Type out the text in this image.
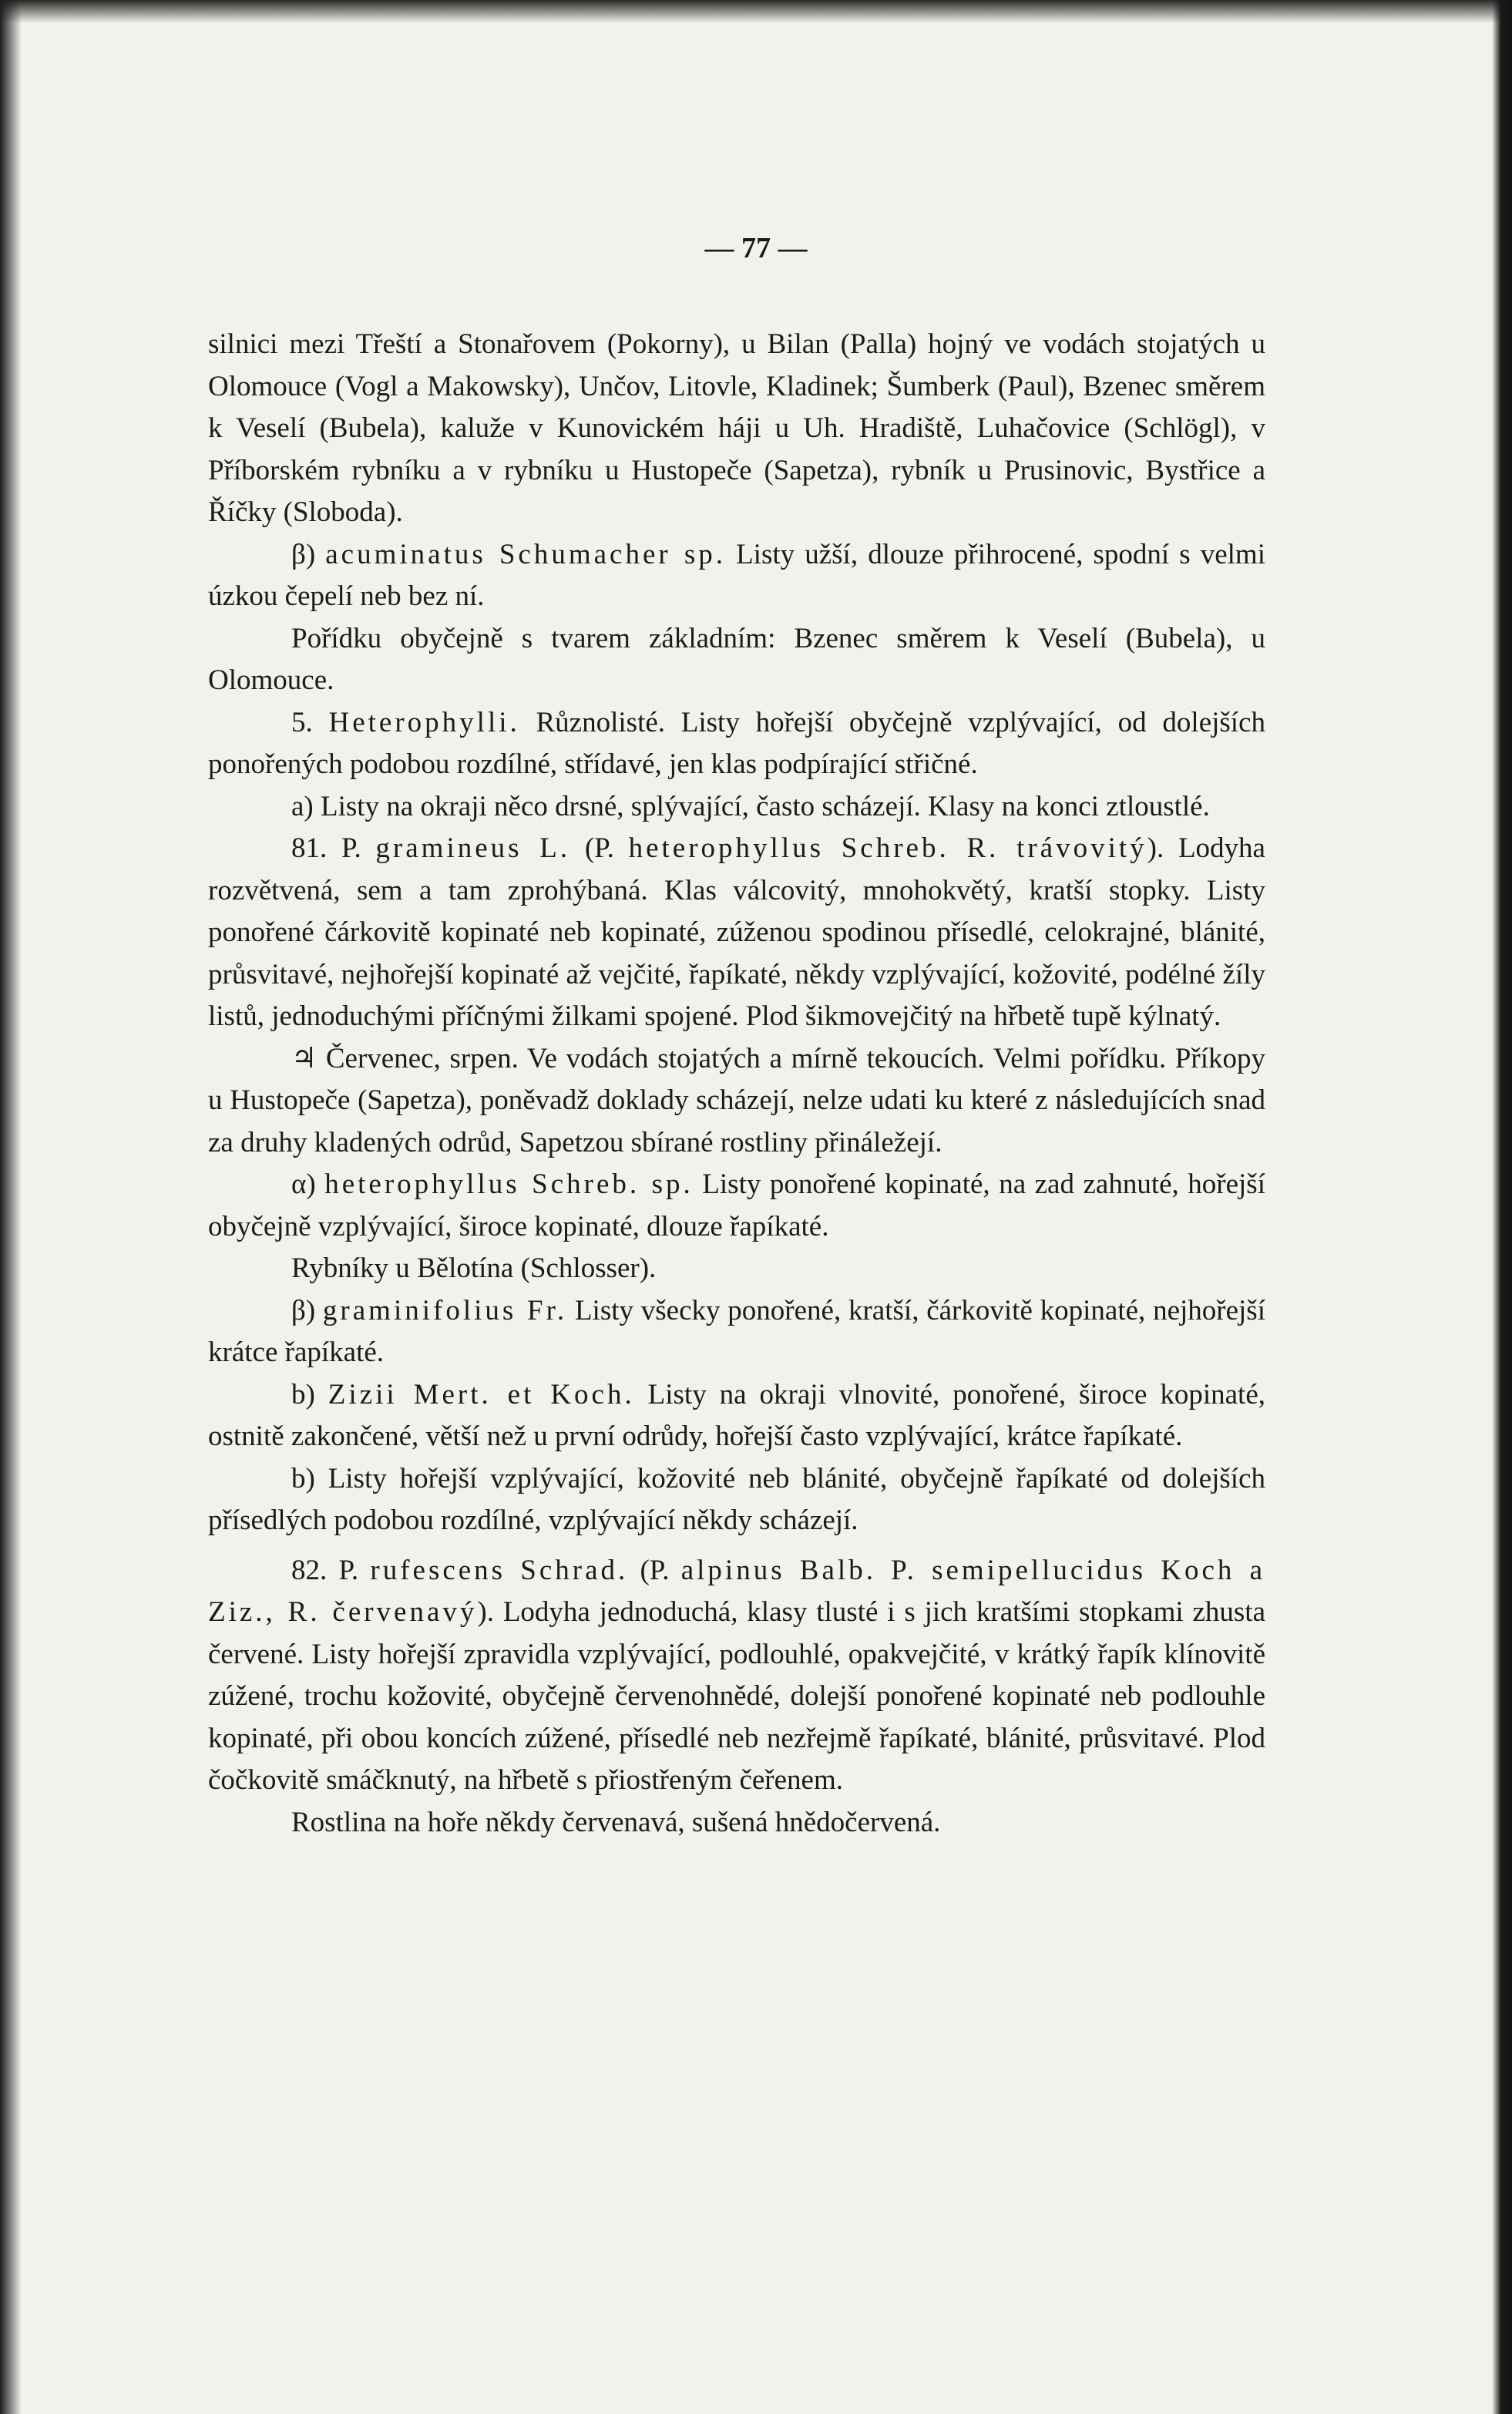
— 77 —

silnici mezi Třeští a Stonařovem (Pokorny), u Bilan (Palla) hojný ve vodách stojatých u Olomouce (Vogl a Makowsky), Unčov, Litovle, Kladinek; Šumberk (Paul), Bzenec směrem k Veselí (Bubela), kaluže v Kunovickém háji u Uh. Hradiště, Luhačovice (Schlögl), v Příborském rybníku a v rybníku u Hustopeče (Sapetza), rybník u Prusinovic, Bystřice a Říčky (Sloboda).

β) acuminatus Schumacher sp. Listy užší, dlouze přihrocené, spodní s velmi úzkou čepelí neb bez ní.

Pořídku obyčejně s tvarem základním: Bzenec směrem k Veselí (Bubela), u Olomouce.

5. Heterophylli. Různolisté. Listy hořejší obyčejně vzplývající, od dolejších ponořených podobou rozdílné, střídavé, jen klas podpírající střičné.

a) Listy na okraji něco drsné, splývající, často scházejí. Klasy na konci ztloustlé.

81. P. gramineus L. (P. heterophyllus Schreb. R. trávovitý). Lodyha rozvětvená, sem a tam zprohýbaná. Klas válcovitý, mnohokvětý, kratší stopky. Listy ponořené čárkovitě kopinaté neb kopinaté, zúženou spodinou přísedlé, celokrajné, blánité, průsvitavé, nejhořejší kopinaté až vejčité, řapíkaté, někdy vzplývající, kožovité, podélné žíly listů, jednoduchými příčnými žilkami spojené. Plod šikmovejčitý na hřbetě tupě kýlnatý.

♃ Červenec, srpen. Ve vodách stojatých a mírně tekoucích. Velmi pořídku. Příkopy u Hustopeče (Sapetza), poněvadž doklady scházejí, nelze udati ku které z následujících snad za druhy kladených odrůd, Sapetzou sbírané rostliny přináležejí.

α) heterophyllus Schreb. sp. Listy ponořené kopinaté, na zad zahnuté, hořejší obyčejně vzplývající, široce kopinaté, dlouze řapíkaté.

Rybníky u Bělotína (Schlosser).

β) graminifolius Fr. Listy všecky ponořené, kratší, čárkovitě kopinaté, nejhořejší krátce řapíkaté.

b) Zizii Mert. et Koch. Listy na okraji vlnovité, ponořené, široce kopinaté, ostnitě zakončené, větší než u první odrůdy, hořejší často vzplývající, krátce řapíkaté.

b) Listy hořejší vzplývající, kožovité neb blánité, obyčejně řapíkaté od dolejších přísedlých podobou rozdílné, vzplývající někdy scházejí.

82. P. rufescens Schrad. (P. alpinus Balb. P. semipellucidus Koch a Ziz., R. červenavý). Lodyha jednoduchá, klasy tlusté i s jich kratšími stopkami zhusta červené. Listy hořejší zpravidla vzplývající, podlouhlé, opakvejčité, v krátký řapík klínovitě zúžené, trochu kožovité, obyčejně červenohnědé, dolejší ponořené kopinaté neb podlouhle kopinaté, při obou koncích zúžené, přísedlé neb nezřejmě řapíkaté, blánité, průsvitavé. Plod čočkovitě smáčknutý, na hřbetě s přiostřeným čeřenem.

Rostlina na hoře někdy červenavá, sušená hnědočervená.
